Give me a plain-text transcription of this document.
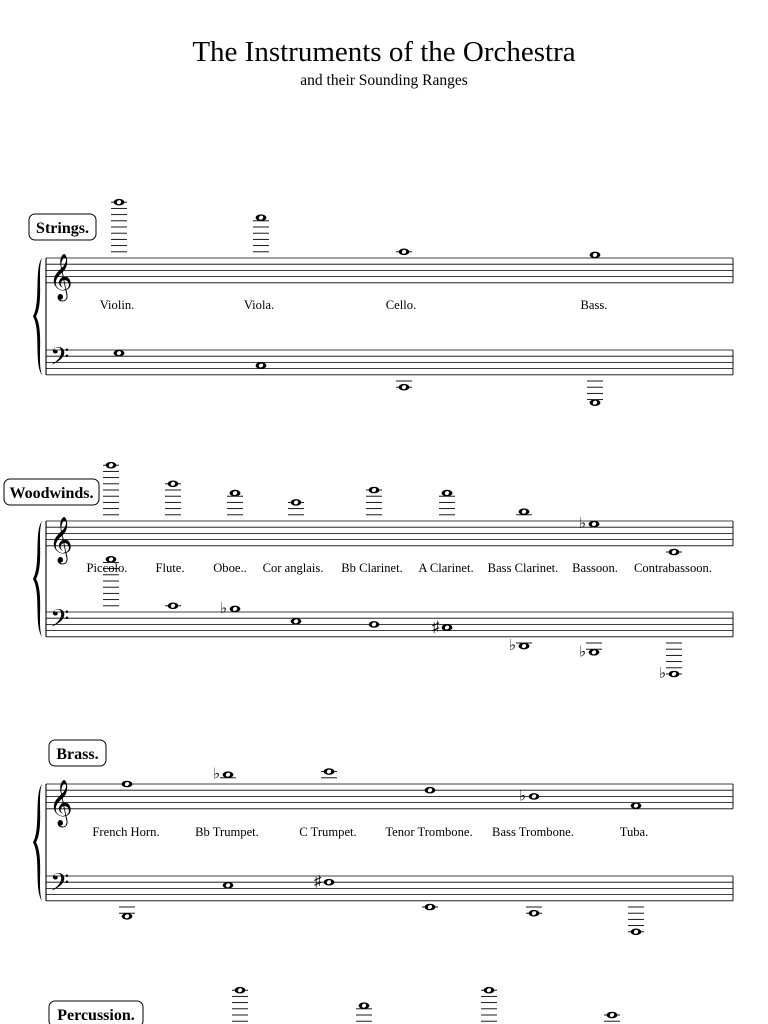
The Instruments of the Orchestra
and their Sounding Ranges
Strings.
𝄞
𝄢
Violin.	Viola.	Cello.	Bass.
Woodwinds.
𝄞
𝄢
Piccolo. Flute.
♭
Oboe.. Cor anglais. Bb Clarinet.
♯
A Clarinet.
♭
Bass Clarinet.
♭
♭
Bassoon.
♭
Contrabassoon.
Brass.
𝄞
𝄢
French Horn.
♭
Bb Trumpet.
♯
C Trumpet. Tenor Trombone.
♭
Bass Trombone.	Tuba.
Percussion.
